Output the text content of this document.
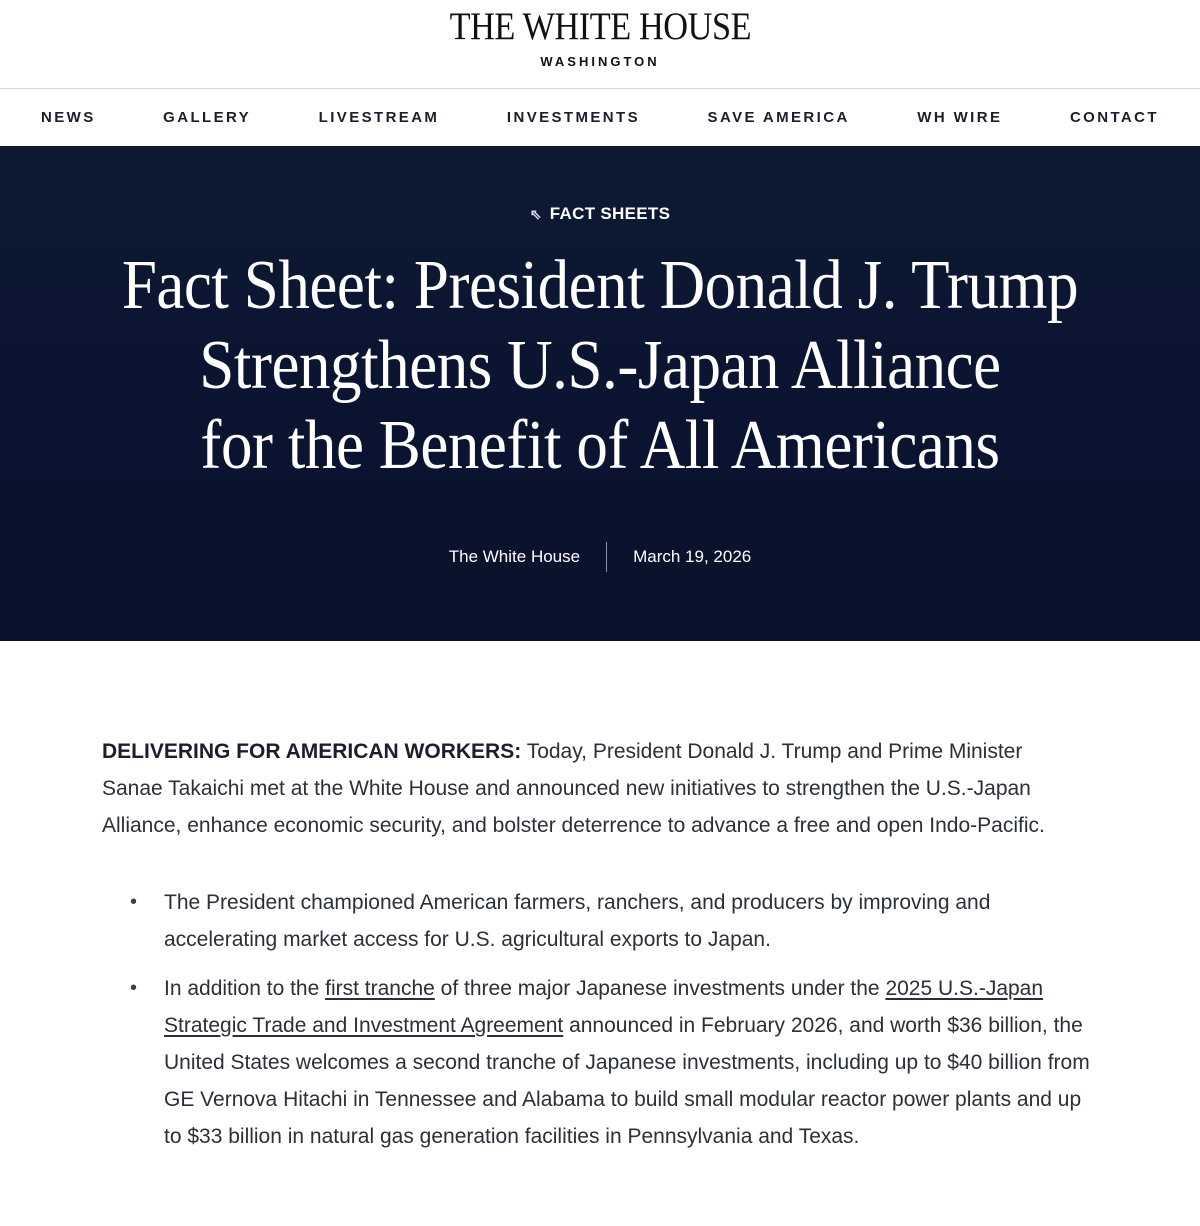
THE WHITE HOUSE
WASHINGTON
NEWS	GALLERY	LIVESTREAM	INVESTMENTS	SAVE AMERICA	WH WIRE	CONTACT
⇖ FACT SHEETS
Fact Sheet: President Donald J. Trump
Strengthens U.S.-Japan Alliance
for the Benefit of All Americans
The White House	March 19, 2026

DELIVERING FOR AMERICAN WORKERS: Today, President Donald J. Trump and Prime Minister Sanae Takaichi met at the White House and announced new initiatives to strengthen the U.S.-Japan Alliance, enhance economic security, and bolster deterrence to advance a free and open Indo-Pacific.

• The President championed American farmers, ranchers, and producers by improving and accelerating market access for U.S. agricultural exports to Japan.
• In addition to the first tranche of three major Japanese investments under the 2025 U.S.-Japan Strategic Trade and Investment Agreement announced in February 2026, and worth $36 billion, the United States welcomes a second tranche of Japanese investments, including up to $40 billion from GE Vernova Hitachi in Tennessee and Alabama to build small modular reactor power plants and up to $33 billion in natural gas generation facilities in Pennsylvania and Texas.
